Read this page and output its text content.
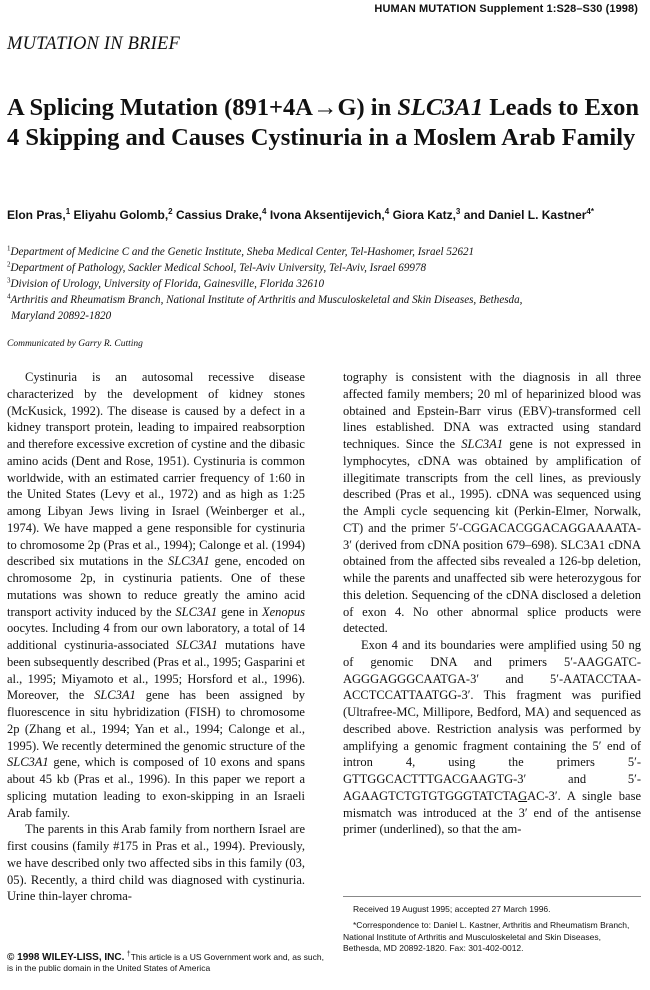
HUMAN MUTATION Supplement 1:S28–S30 (1998)
MUTATION IN BRIEF
A Splicing Mutation (891+4A→G) in SLC3A1 Leads to Exon 4 Skipping and Causes Cystinuria in a Moslem Arab Family
Elon Pras,$^1$ Eliyahu Golomb,$^2$ Cassius Drake,$^4$ Ivona Aksentijevich,$^4$ Giora Katz,$^3$ and Daniel L. Kastner$^{4*}$
$^1$Department of Medicine C and the Genetic Institute, Sheba Medical Center, Tel-Hashomer, Israel 52621
$^2$Department of Pathology, Sackler Medical School, Tel-Aviv University, Tel-Aviv, Israel 69978
$^3$Division of Urology, University of Florida, Gainesville, Florida 32610
$^4$Arthritis and Rheumatism Branch, National Institute of Arthritis and Musculoskeletal and Skin Diseases, Bethesda,
Maryland 20892-1820
Communicated by Garry R. Cutting

Cystinuria is an autosomal recessive disease characterized by the development of kidney stones (McKusick, 1992). The disease is caused by a defect in a kidney transport protein, leading to impaired reabsorption and therefore excessive excretion of cystine and the dibasic amino acids (Dent and Rose, 1951). Cystinuria is common worldwide, with an estimated carrier frequency of 1:60 in the United States (Levy et al., 1972) and as high as 1:25 among Libyan Jews living in Israel (Weinberger et al., 1974). We have mapped a gene responsible for cystinuria to chromosome 2p (Pras et al., 1994); Calonge et al. (1994) described six mutations in the SLC3A1 gene, encoded on chromosome 2p, in cystinuria patients. One of these mutations was shown to reduce greatly the amino acid transport activity induced by the SLC3A1 gene in Xenopus oocytes. Including 4 from our own laboratory, a total of 14 additional cystinuria-associated SLC3A1 mutations have been subsequently described (Pras et al., 1995; Gasparini et al., 1995; Miyamoto et al., 1995; Horsford et al., 1996). Moreover, the SLC3A1 gene has been assigned by fluorescence in situ hybridization (FISH) to chromosome 2p (Zhang et al., 1994; Yan et al., 1994; Calonge et al., 1995). We recently determined the genomic structure of the SLC3A1 gene, which is composed of 10 exons and spans about 45 kb (Pras et al., 1996). In this paper we report a splicing mutation leading to exon-skipping in an Israeli Arab family.

The parents in this Arab family from northern Israel are first cousins (family #175 in Pras et al., 1994). Previously, we have described only two affected sibs in this family (03, 05). Recently, a third child was diagnosed with cystinuria. Urine thin-layer chroma-

tography is consistent with the diagnosis in all three affected family members; 20 ml of heparinized blood was obtained and Epstein-Barr virus (EBV)-transformed cell lines established. DNA was extracted using standard techniques. Since the SLC3A1 gene is not expressed in lymphocytes, cDNA was obtained by amplification of illegitimate transcripts from the cell lines, as previously described (Pras et al., 1995). cDNA was sequenced using the Ampli cycle sequencing kit (Perkin-Elmer, Norwalk, CT) and the primer 5′-CGGACACGGACAGGAAAATA-3′ (derived from cDNA position 679–698). SLC3A1 cDNA obtained from the affected sibs revealed a 126-bp deletion, while the parents and unaffected sib were heterozygous for this deletion. Sequencing of the cDNA disclosed a deletion of exon 4. No other abnormal splice products were detected.

Exon 4 and its boundaries were amplified using 50 ng of genomic DNA and primers 5′-AAGGATC-AGGGAGGGCAATGA-3′ and 5′-AATACCTAA-ACCTCCATTAATGG-3′. This fragment was purified (Ultrafree-MC, Millipore, Bedford, MA) and sequenced as described above. Restriction analysis was performed by amplifying a genomic fragment containing the 5′ end of intron 4, using the primers 5′-GTTGGCACTTTGACGAAGTG-3′ and 5′-AGAAGTCTGTGTGGGTATCTAGAC-3′. A single base mismatch was introduced at the 3′ end of the antisense primer (underlined), so that the am-

Received 19 August 1995; accepted 27 March 1996.
*Correspondence to: Daniel L. Kastner, Arthritis and Rheumatism Branch, National Institute of Arthritis and Musculoskeletal and Skin Diseases, Bethesda, MD 20892-1820. Fax: 301-402-0012.
© 1998 WILEY-LISS, INC. †This article is a US Government work and, as such, is in the public domain in the United States of America
